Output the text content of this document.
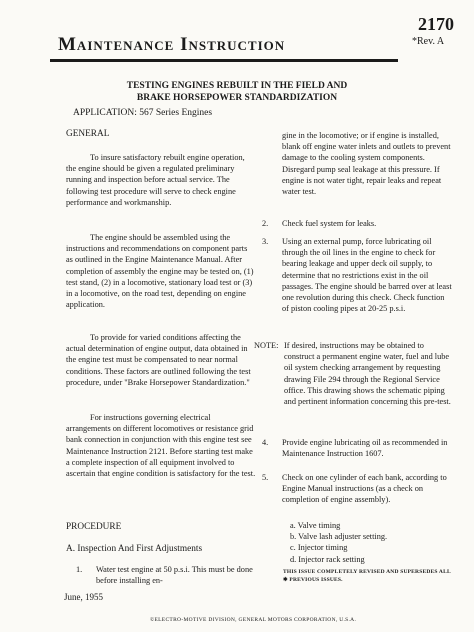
Maintenance Instruction
2170
*Rev. A
TESTING ENGINES REBUILT IN THE FIELD AND
BRAKE HORSEPOWER STANDARDIZATION
APPLICATION: 567 Series Engines
GENERAL
To insure satisfactory rebuilt engine operation, the engine should be given a regulated preliminary running and inspection before actual service. The following test procedure will serve to check engine performance and workmanship.
The engine should be assembled using the instructions and recommendations on component parts as outlined in the Engine Maintenance Manual. After completion of assembly the engine may be tested on, (1) test stand, (2) in a locomotive, stationary load test or (3) in a locomotive, on the road test, depending on engine application.
To provide for varied conditions affecting the actual determination of engine output, data obtained in the engine test must be compensated to near normal conditions. These factors are outlined following the test procedure, under "Brake Horsepower Standardization."
For instructions governing electrical arrangements on different locomotives or resistance grid bank connection in conjunction with this engine test see Maintenance Instruction 2121. Before starting test make a complete inspection of all equipment involved to ascertain that engine condition is satisfactory for the test.
PROCEDURE
A. Inspection And First Adjustments
1. Water test engine at 50 p.s.i. This must be done before installing en-
gine in the locomotive; or if engine is installed, blank off engine water inlets and outlets to prevent damage to the cooling system components. Disregard pump seal leakage at this pressure. If engine is not water tight, repair leaks and repeat water test.
2. Check fuel system for leaks.
3. Using an external pump, force lubricating oil through the oil lines in the engine to check for bearing leakage and upper deck oil supply, to determine that no restrictions exist in the oil passages. The engine should be barred over at least one revolution during this check. Check function of piston cooling pipes at 20-25 p.s.i.
NOTE: If desired, instructions may be obtained to construct a permanent engine water, fuel and lube oil system checking arrangement by requesting drawing File 294 through the Regional Service office. This drawing shows the schematic piping and pertinent information concerning this pre-test.
4. Provide engine lubricating oil as recommended in Maintenance Instruction 1607.
5. Check on one cylinder of each bank, according to Engine Manual instructions (as a check on completion of engine assembly).

a. Valve timing

b. Valve lash adjuster setting.

c. Injector timing

d. Injector rack setting

THIS ISSUE COMPLETELY REVISED AND SUPERSEDES ALL ✱ PREVIOUS ISSUES.
June, 1955
©ELECTRO-MOTIVE DIVISION, GENERAL MOTORS CORPORATION, U.S.A.
